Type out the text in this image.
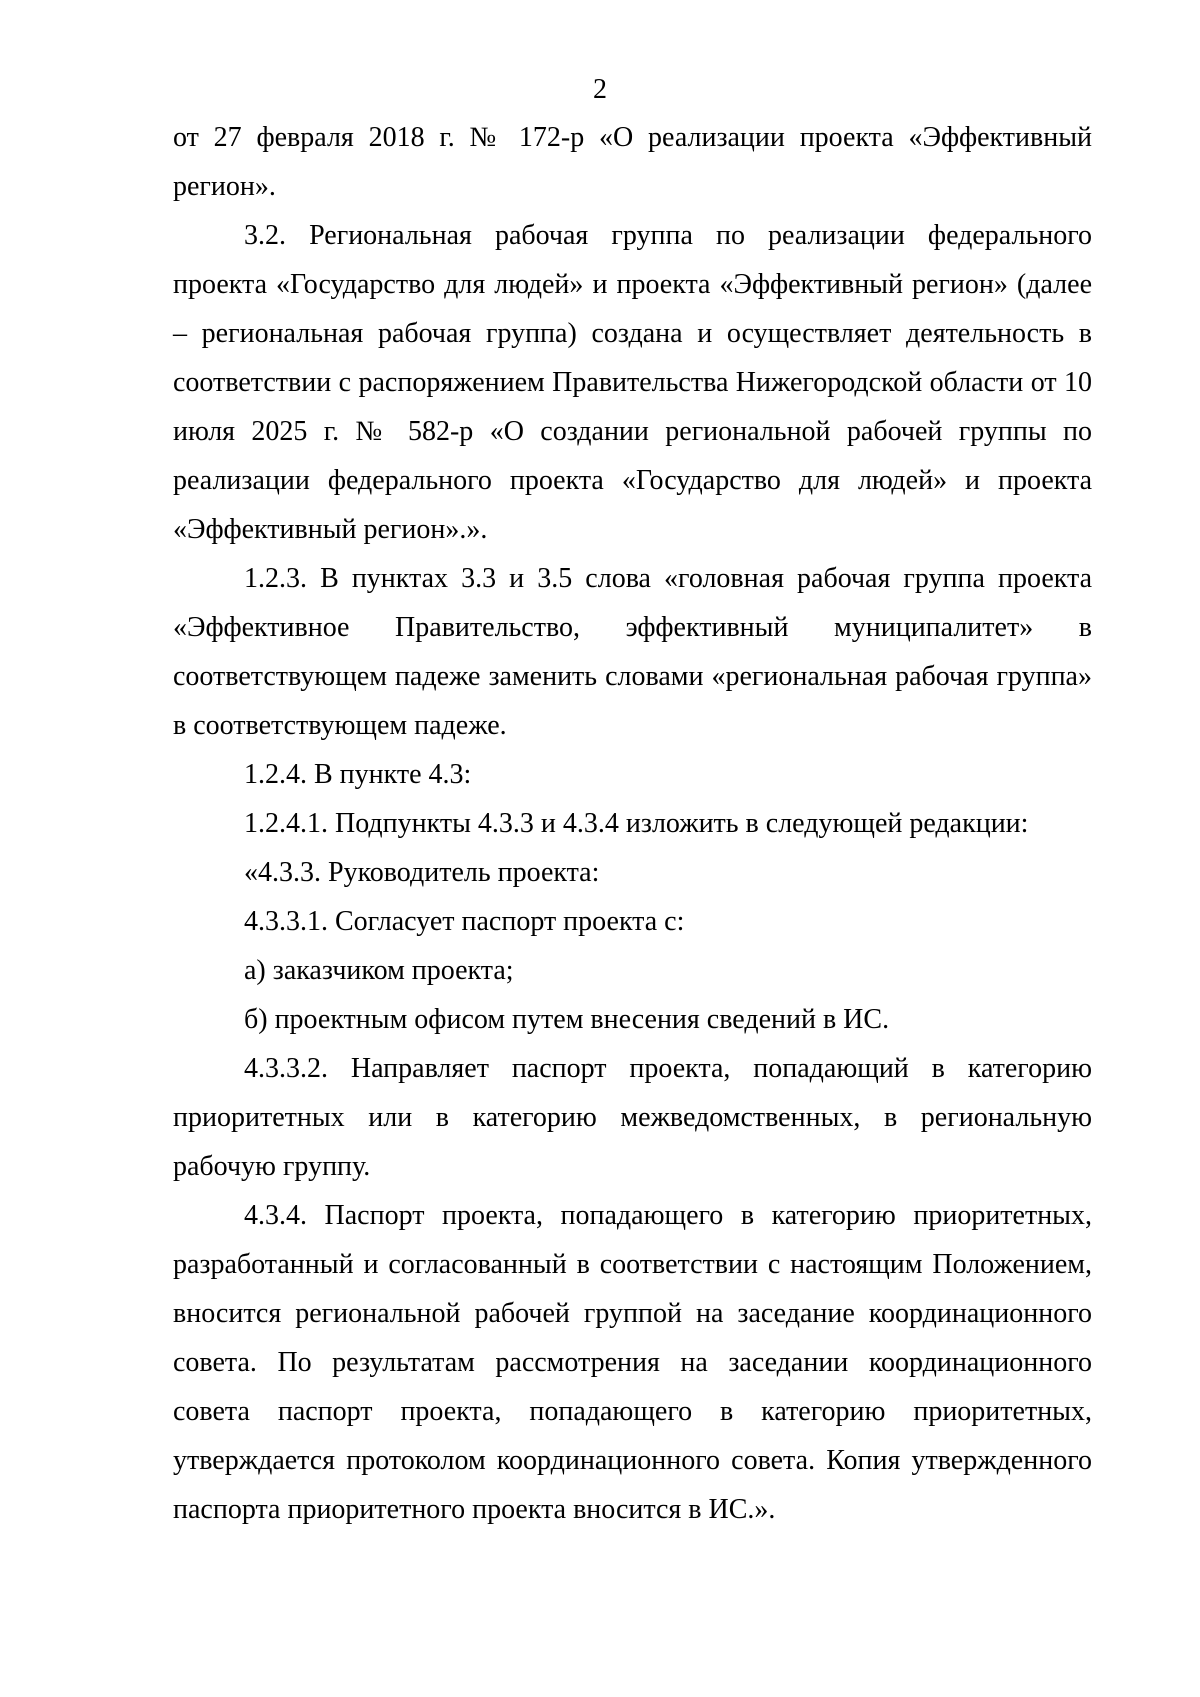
2

от 27 февраля 2018 г. № 172-р «О реализации проекта «Эффективный регион».

3.2. Региональная рабочая группа по реализации федерального проекта «Государство для людей» и проекта «Эффективный регион» (далее – региональная рабочая группа) создана и осуществляет деятельность в соответствии с распоряжением Правительства Нижегородской области от 10 июля 2025 г. № 582-р «О создании региональной рабочей группы по реализации федерального проекта «Государство для людей» и проекта «Эффективный регион».».

1.2.3. В пунктах 3.3 и 3.5 слова «головная рабочая группа проекта «Эффективное Правительство, эффективный муниципалитет» в соответствующем падеже заменить словами «региональная рабочая группа» в соответствующем падеже.

1.2.4. В пункте 4.3:

1.2.4.1. Подпункты 4.3.3 и 4.3.4 изложить в следующей редакции:

«4.3.3. Руководитель проекта:

4.3.3.1. Согласует паспорт проекта с:

а) заказчиком проекта;

б) проектным офисом путем внесения сведений в ИС.

4.3.3.2. Направляет паспорт проекта, попадающий в категорию приоритетных или в категорию межведомственных, в региональную рабочую группу.

4.3.4. Паспорт проекта, попадающего в категорию приоритетных, разработанный и согласованный в соответствии с настоящим Положением, вносится региональной рабочей группой на заседание координационного совета. По результатам рассмотрения на заседании координационного совета паспорт проекта, попадающего в категорию приоритетных, утверждается протоколом координационного совета. Копия утвержденного паспорта приоритетного проекта вносится в ИС.».
